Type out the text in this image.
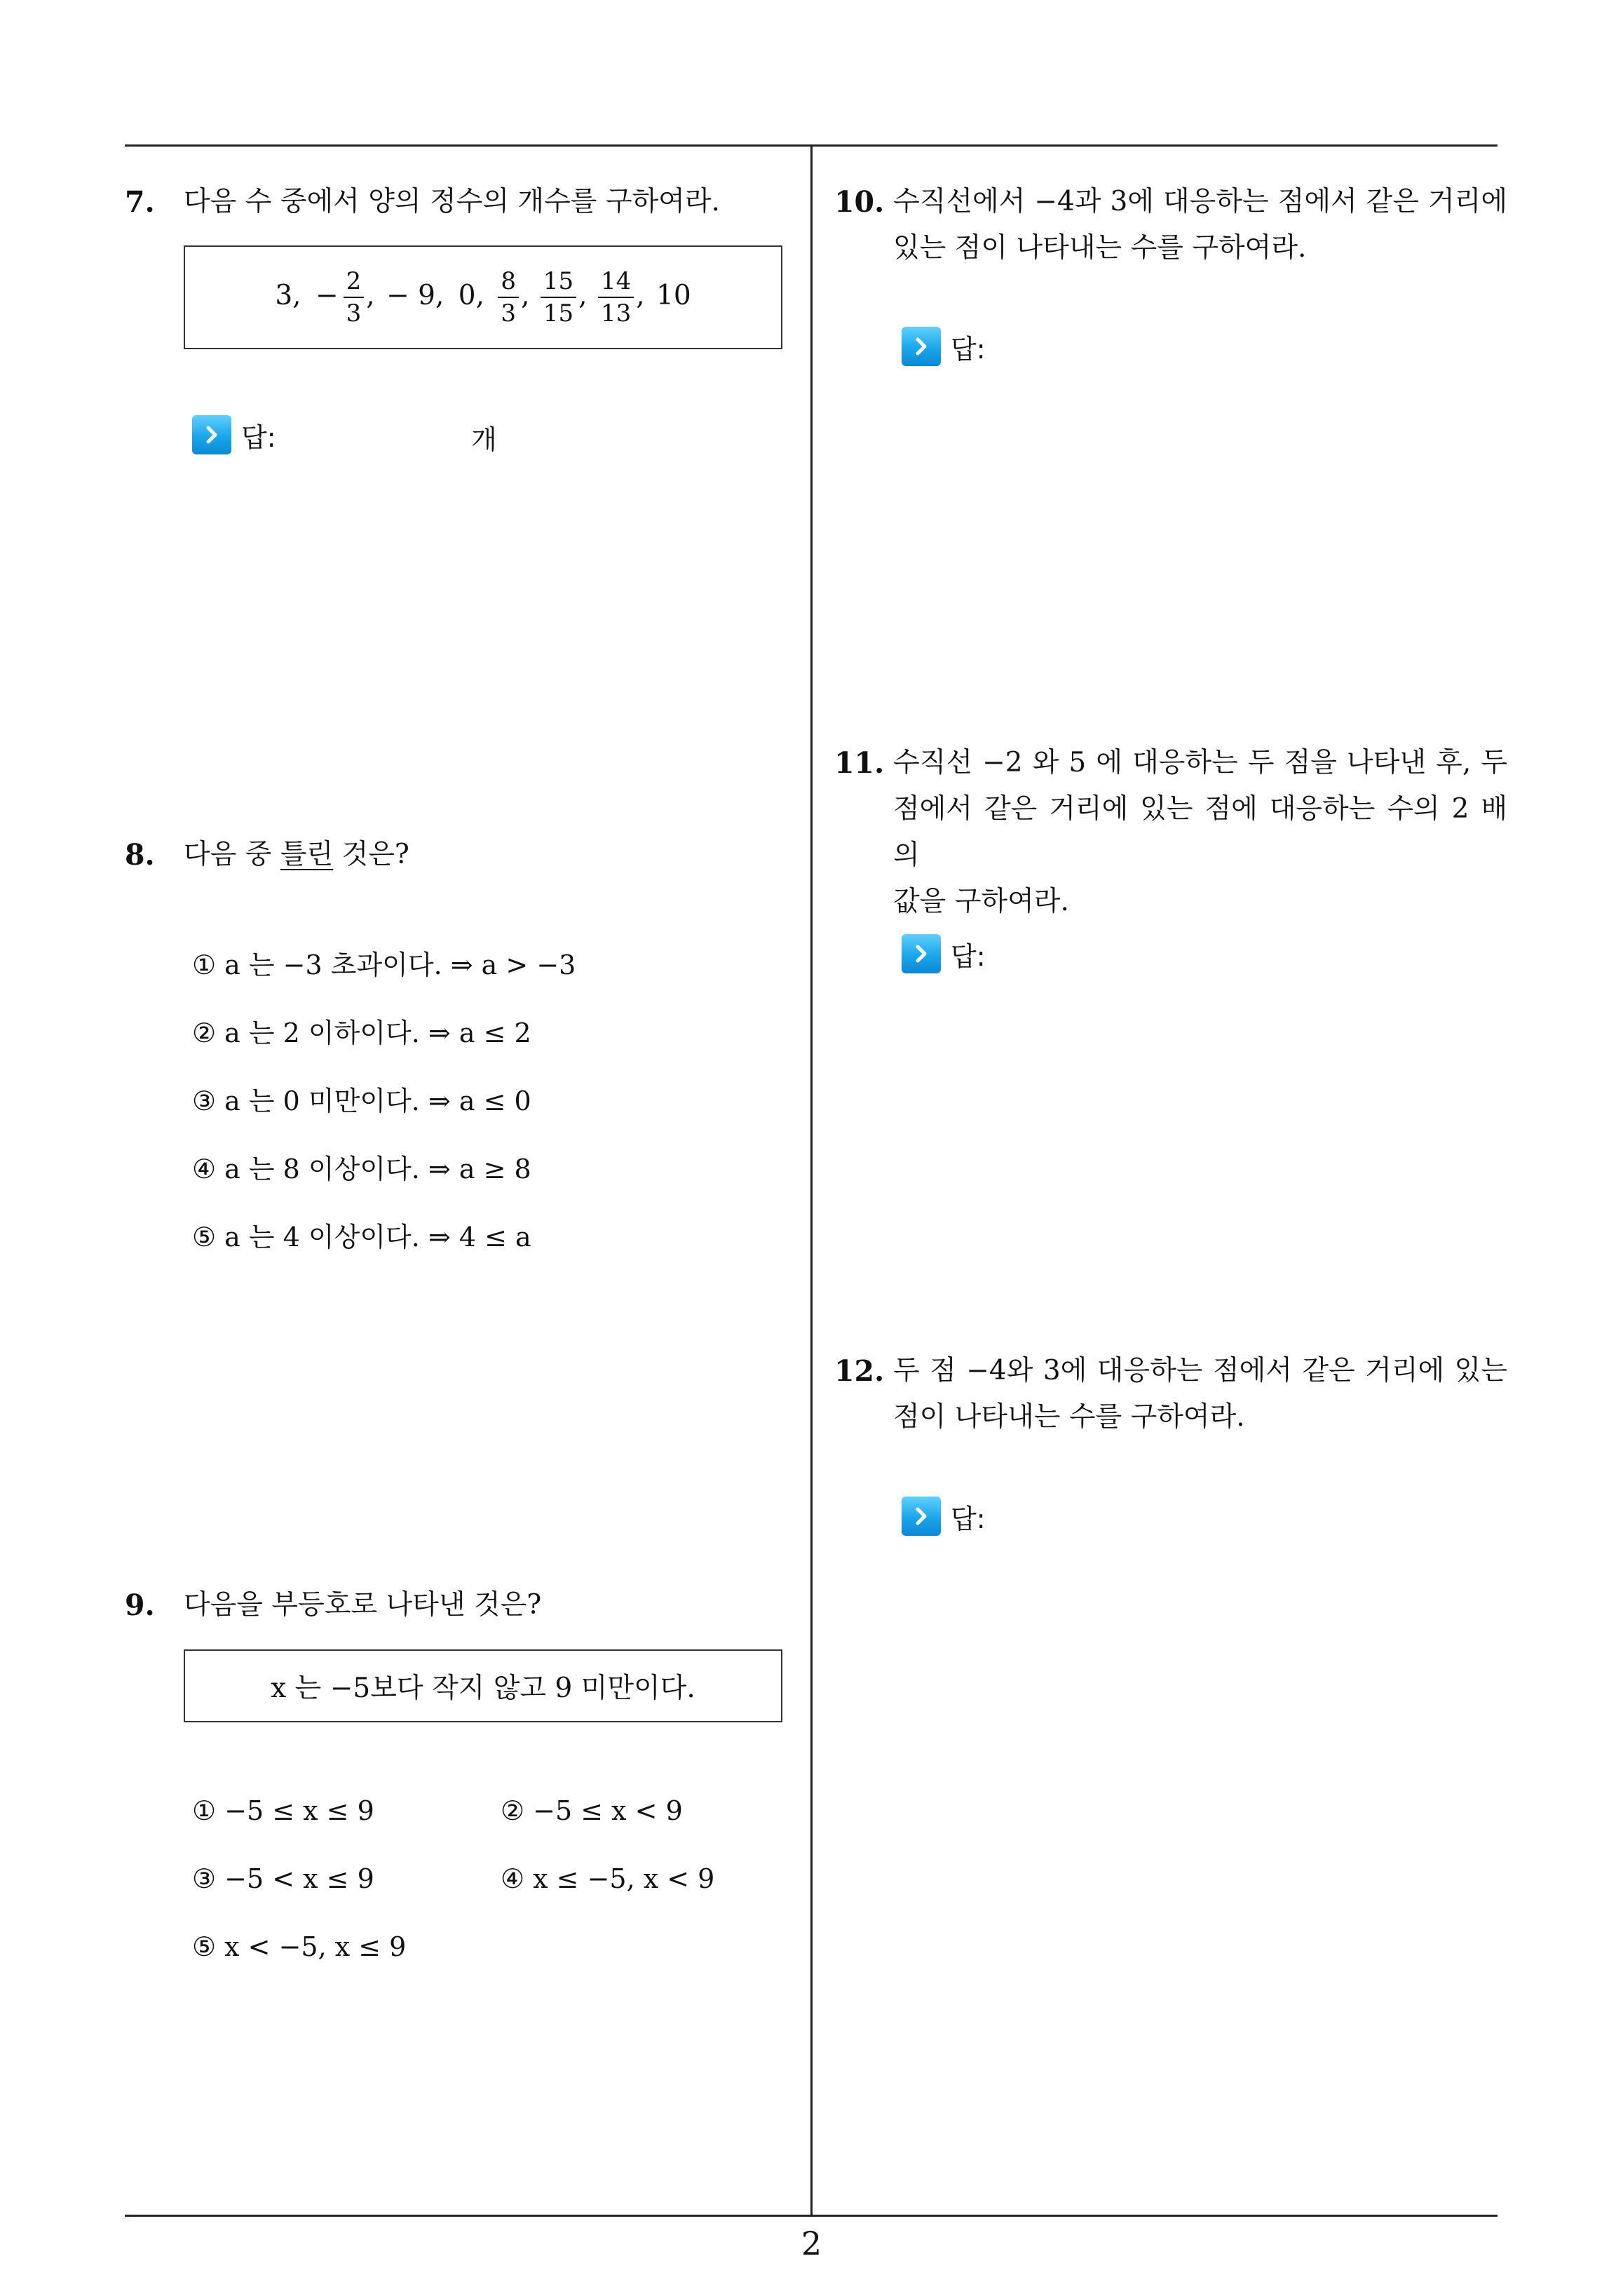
7. 다음 수 중에서 양의 정수의 개수를 구하여라.
3, − $\frac{2}{3}$ , − 9, 0, $\frac{8}{3}$ , $\frac{15}{15}$ , $\frac{14}{13}$ , 10
답:	개
8. 다음 중 틀린 것은?
① a 는 −3 초과이다. ⇒ a > −3
② a 는 2 이하이다. ⇒ a ≤ 2
③ a 는 0 미만이다. ⇒ a ≤ 0
④ a 는 8 이상이다. ⇒ a ≥ 8
⑤ a 는 4 이상이다. ⇒ 4 ≤ a
9. 다음을 부등호로 나타낸 것은?
x 는 −5보다 작지 않고 9 미만이다.
① −5 ≤ x ≤ 9	② −5 ≤ x < 9
③ −5 < x ≤ 9	④ x ≤ −5, x < 9
⑤ x < −5, x ≤ 9
10. 수직선에서 −4과 3에 대응하는 점에서 같은 거리에
있는 점이 나타내는 수를 구하여라.
답:
11. 수직선 −2 와 5 에 대응하는 두 점을 나타낸 후, 두
점에서 같은 거리에 있는 점에 대응하는 수의 2 배의
값을 구하여라.
답:
12. 두 점 −4와 3에 대응하는 점에서 같은 거리에 있는
점이 나타내는 수를 구하여라.
답:
2
